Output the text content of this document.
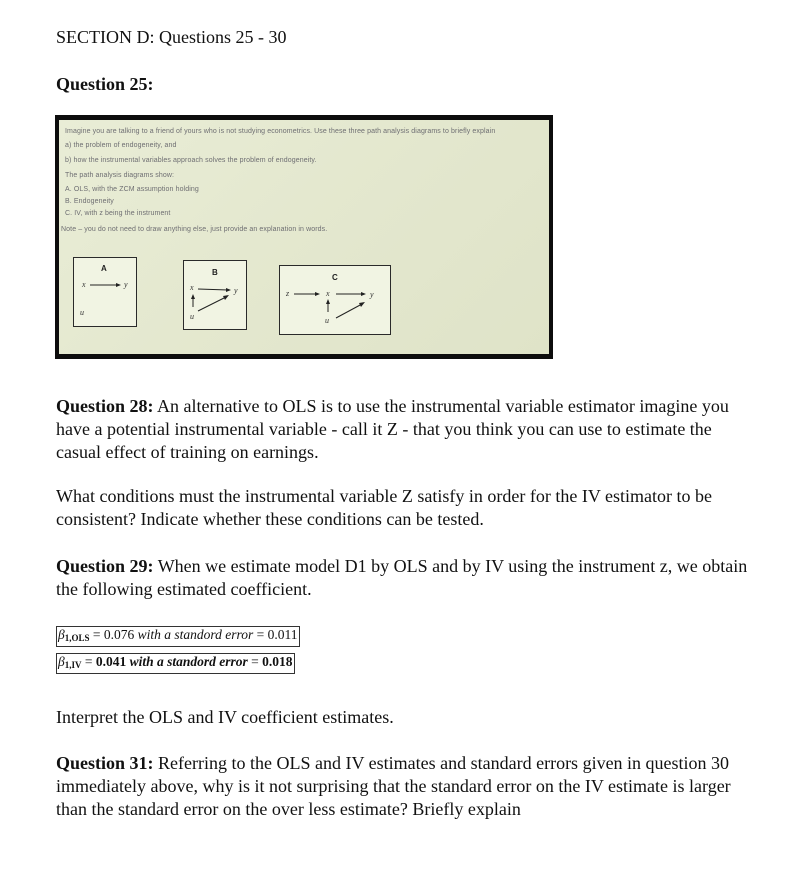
SECTION D: Questions 25 - 30
Question 25:
Imagine you are talking to a friend of yours who is not studying econometrics. Use these three path analysis diagrams to briefly explain
a) the problem of endogeneity, and
b) how the instrumental variables approach solves the problem of endogeneity.
The path analysis diagrams show:
A. OLS, with the ZCM assumption holding
B. Endogeneity
C. IV, with z being the instrument
Note – you do not need to draw anything else, just provide an explanation in words.
A
x	y
u
B
x	y
u
C
z	x	y
u
Question 28: An alternative to OLS is to use the instrumental variable estimator imagine you have a potential instrumental variable - call it Z - that you think you can use to estimate the casual effect of training on earnings.
What conditions must the instrumental variable Z satisfy in order for the IV estimator to be consistent? Indicate whether these conditions can be tested.
Question 29: When we estimate model D1 by OLS and by IV using the instrument z, we obtain the following estimated coefficient.
$\beta_{1,OLS} = 0.076$ with a standord error = 0.011
$\beta_{1,IV} = 0.041$ with a standord error = 0.018
Interpret the OLS and IV coefficient estimates.
Question 31: Referring to the OLS and IV estimates and standard errors given in question 30 immediately above, why is it not surprising that the standard error on the IV estimate is larger than the standard error on the over less estimate? Briefly explain
